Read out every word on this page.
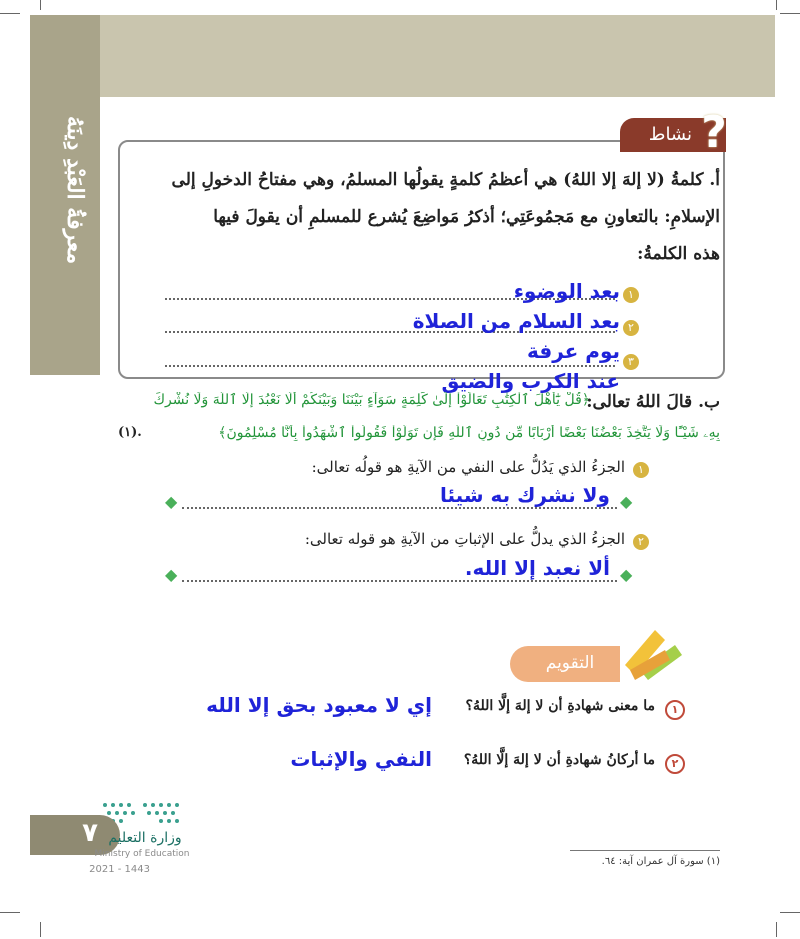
معرفةُ العَبْدِ دِينَهُ	نشاط ?
أ. كلمةُ (لا إلهَ إلا اللهُ) هي أعظمُ كلمةٍ يقولُها المسلمُ، وهي مفتاحُ الدخولِ إلى
الإسلامِ: بالتعاونِ مع مَجمُوعَتِي؛ أذكرُ مَواضِعَ يُشرع للمسلمِ أن يقولَ فيها
هذه الكلمةُ:
١
بعد الوضوء
٢
بعد السلام من الصلاة
٣
يوم عرفة
عند الكرب والضيق
ب. قالَ اللهُ تعالى:
﴿قُلْ يَٰٓأَهْلَ ٱلْكِتَٰبِ تَعَالَوْاْ إِلَىٰ كَلِمَةٍ سَوَآءٍ بَيْنَنَا وَبَيْنَكُمْ أَلَّا نَعْبُدَ إِلَّا ٱللَّهَ وَلَا نُشْرِكَ
بِهِۦ شَيْـًٔا وَلَا يَتَّخِذَ بَعْضُنَا بَعْضًا أَرْبَابًا مِّن دُونِ ٱللَّهِ فَإِن تَوَلَّوْاْ فَقُولُواْ ٱشْهَدُواْ بِأَنَّا مُسْلِمُونَ﴾
(١).
١
الجزءُ الذي يَدُلُّ على النفي من الآيةِ هو قولُه تعالى:
◆
◆	ولا نشرك به شيئا
٢
الجزءُ الذي يدلُّ على الإثباتِ من الآيةِ هو قوله تعالى:
◆
◆	ألا نعبد إلا الله.
التقويم
١
ما معنى شهادةِ أن لا إلهَ إلَّا اللهُ؟
إي لا معبود بحق إلا الله
٢
ما أركانُ شهادةِ أن لا إلهَ إلَّا اللهُ؟
النفي والإثبات
٧ وزارة التعليم
Ministry of Education
2021 - 1443
(١) سورة آل عمران آية: ٦٤.
